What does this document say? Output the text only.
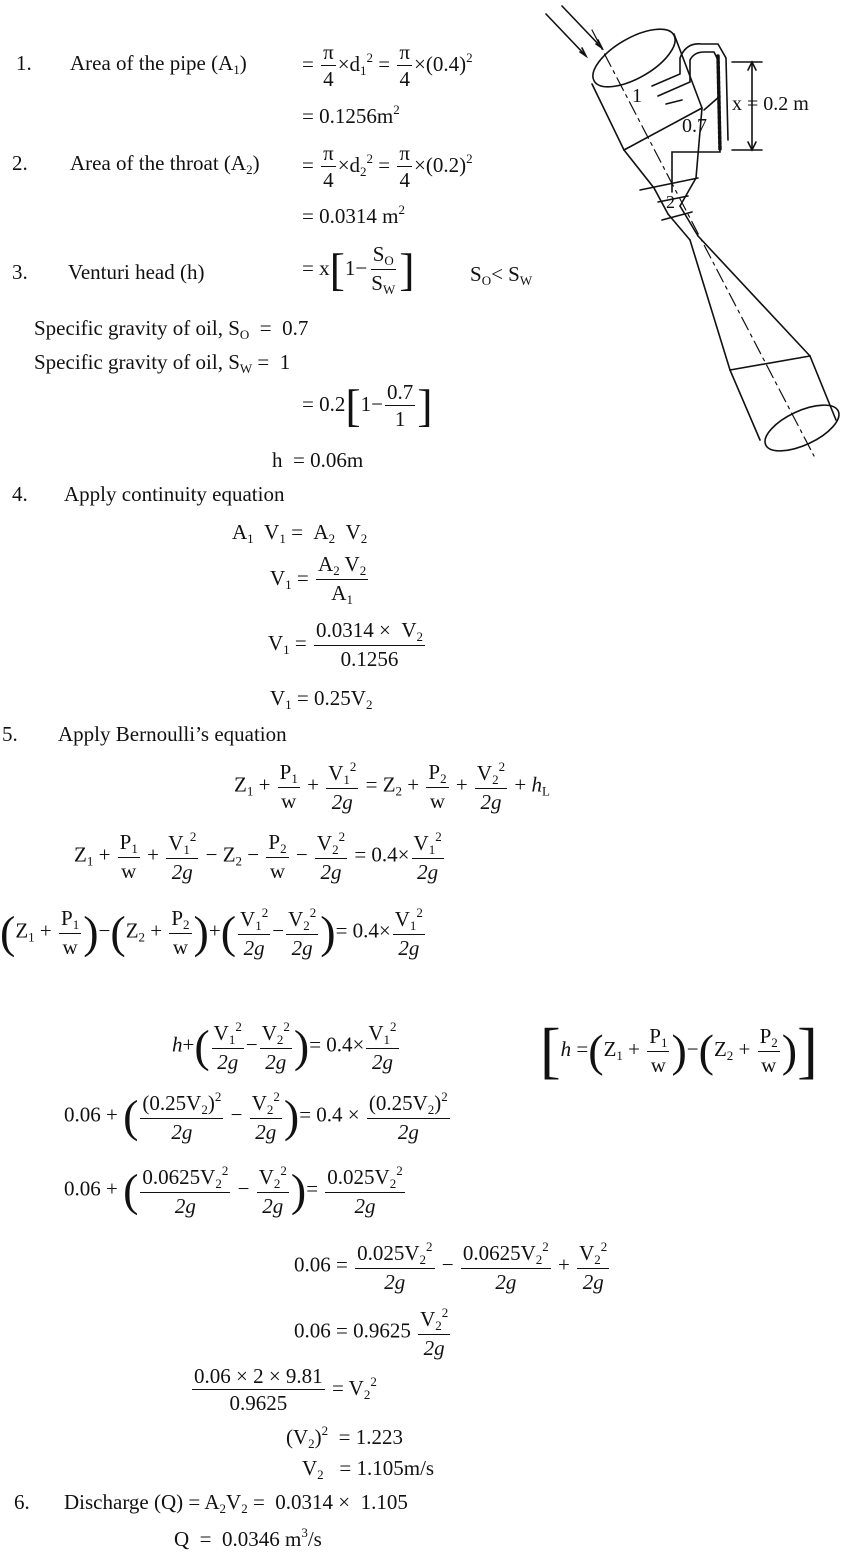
1. Area of the pipe $(A_1)$	= $\frac{\pi}{4} \times d_1^2 = \frac{\pi}{4} \times(0.4)^2$
= $0.1256m^2$
2. Area of the throat $(A_2) = \frac{\pi}{4} \times d_2^2 = \frac{\pi}{4} \times(0.2)^2$
= 0.0314 $m^2$
3. Venturi head (h)	= $x[1- \frac{S_O}{S_W}$ ]	$S_O< S_W$
Specific gravity of oil, $S_O = 0.7$
Specific gravity of oil, $S_W = 1$
= $0.2[1- \frac{0.7}{1}$ ]
h  = 0.06m
4. Apply continuity equation
$A_1$  $V_1 = A_2$  $V_2$
$V_1 = \frac{A_2 V_2}{A_1}$
$V_1 = \frac{0.0314 \times V_2}{0.1256}$
$V_1 = 0.25V_2$
5. Apply Bernoulli’s equation
$Z_1 + \frac{P_1}{w} + \frac{V_1^2}{2g} = Z_2 + \frac{P_2}{w} + \frac{V_2^2}{2g} + h_L$
$Z_1 + \frac{P_1}{w} + \frac{V_1^2}{2g} - Z_2 - \frac{P_2}{w} - \frac{V_2^2}{2g} = 0.4\times \frac{V_1^2}{2g}$
$(Z_1 + \frac{P_1}{w} )-(Z_2 + \frac{P_2}{w}$ )+( $\frac{V_1^2}{2g} - \frac{V_2^2}{2g}$ )= $0.4\times \frac{V_1^2}{2g}$
$h+( \frac{V_1^2}{2g} - \frac{V_2^2}{2g}$ )= $0.4\times \frac{V_1^2}{2g} [h =(Z_1 + \frac{P_1}{w} )-(Z_2 + \frac{P_2}{w}$ )]
0.06 + ( $\frac{(0.25V_2)^2}{2g} - \frac{V_2^2}{2g}$ )= $0.4 \times \frac{(0.25V_2)^2}{2g}$
0.06 + ( $\frac{0.0625V_2^2}{2g} - \frac{V_2^2}{2g}$ )= $\frac{0.025V_2^2}{2g}$
$0.06 = \frac{0.025V_2^2}{2g} - \frac{0.0625V_2^2}{2g} + \frac{V_2^2}{2g}$
$0.06 = 0.9625 \frac{V_2^2}{2g}$
$\frac{0.06 \times 2 \times 9.81}{0.9625} = V_2^2$
$(V_2)^2 = 1.223$
$V_2 = 1.105m/s$
6. Discharge $(Q) = A_2V_2 = 0.0314 \times 1.105$
Q  =  0.0346 $m^3/s$
1
2
0.7
x = 0.2 m
